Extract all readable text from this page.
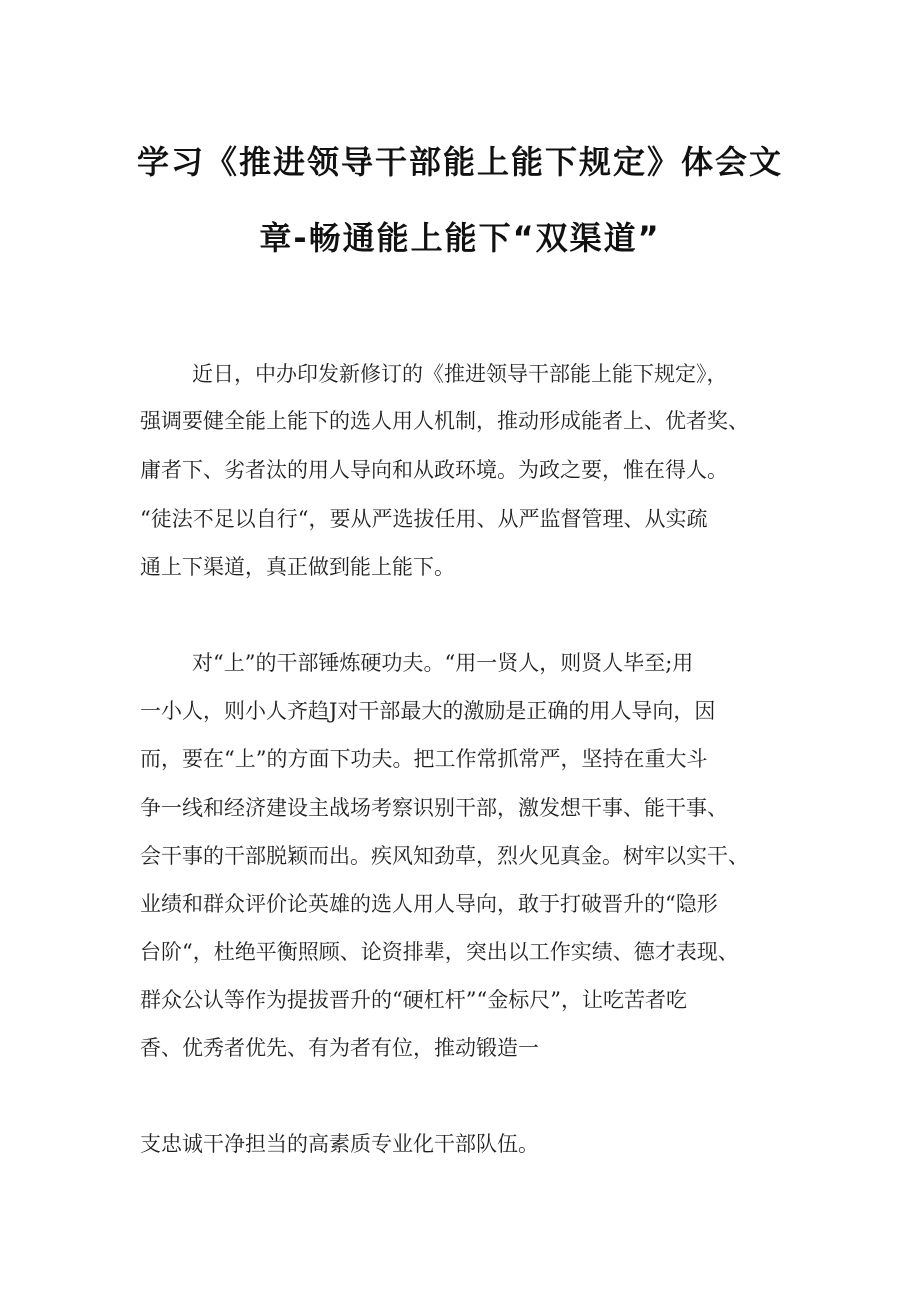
学习《推进领导干部能上能下规定》体会文
章-畅通能上能下“双渠道”
近日，中办印发新修订的《推进领导干部能上能下规定》，
强调要健全能上能下的选人用人机制，推动形成能者上、优者奖、
庸者下、劣者汰的用人导向和从政环境。为政之要，惟在得人。
“徒法不足以自行“，要从严选拔任用、从严监督管理、从实疏
通上下渠道，真正做到能上能下。
对“上”的干部锤炼硬功夫。“用一贤人，则贤人毕至;用
一小人，则小人齐趋J对干部最大的激励是正确的用人导向，因
而，要在“上”的方面下功夫。把工作常抓常严，坚持在重大斗
争一线和经济建设主战场考察识别干部，激发想干事、能干事、
会干事的干部脱颖而出。疾风知劲草，烈火见真金。树牢以实干、
业绩和群众评价论英雄的选人用人导向，敢于打破晋升的“隐形
台阶“，杜绝平衡照顾、论资排辈，突出以工作实绩、德才表现、
群众公认等作为提拔晋升的“硬杠杆”“金标尺”，让吃苦者吃
香、优秀者优先、有为者有位，推动锻造一
支忠诚干净担当的高素质专业化干部队伍。
